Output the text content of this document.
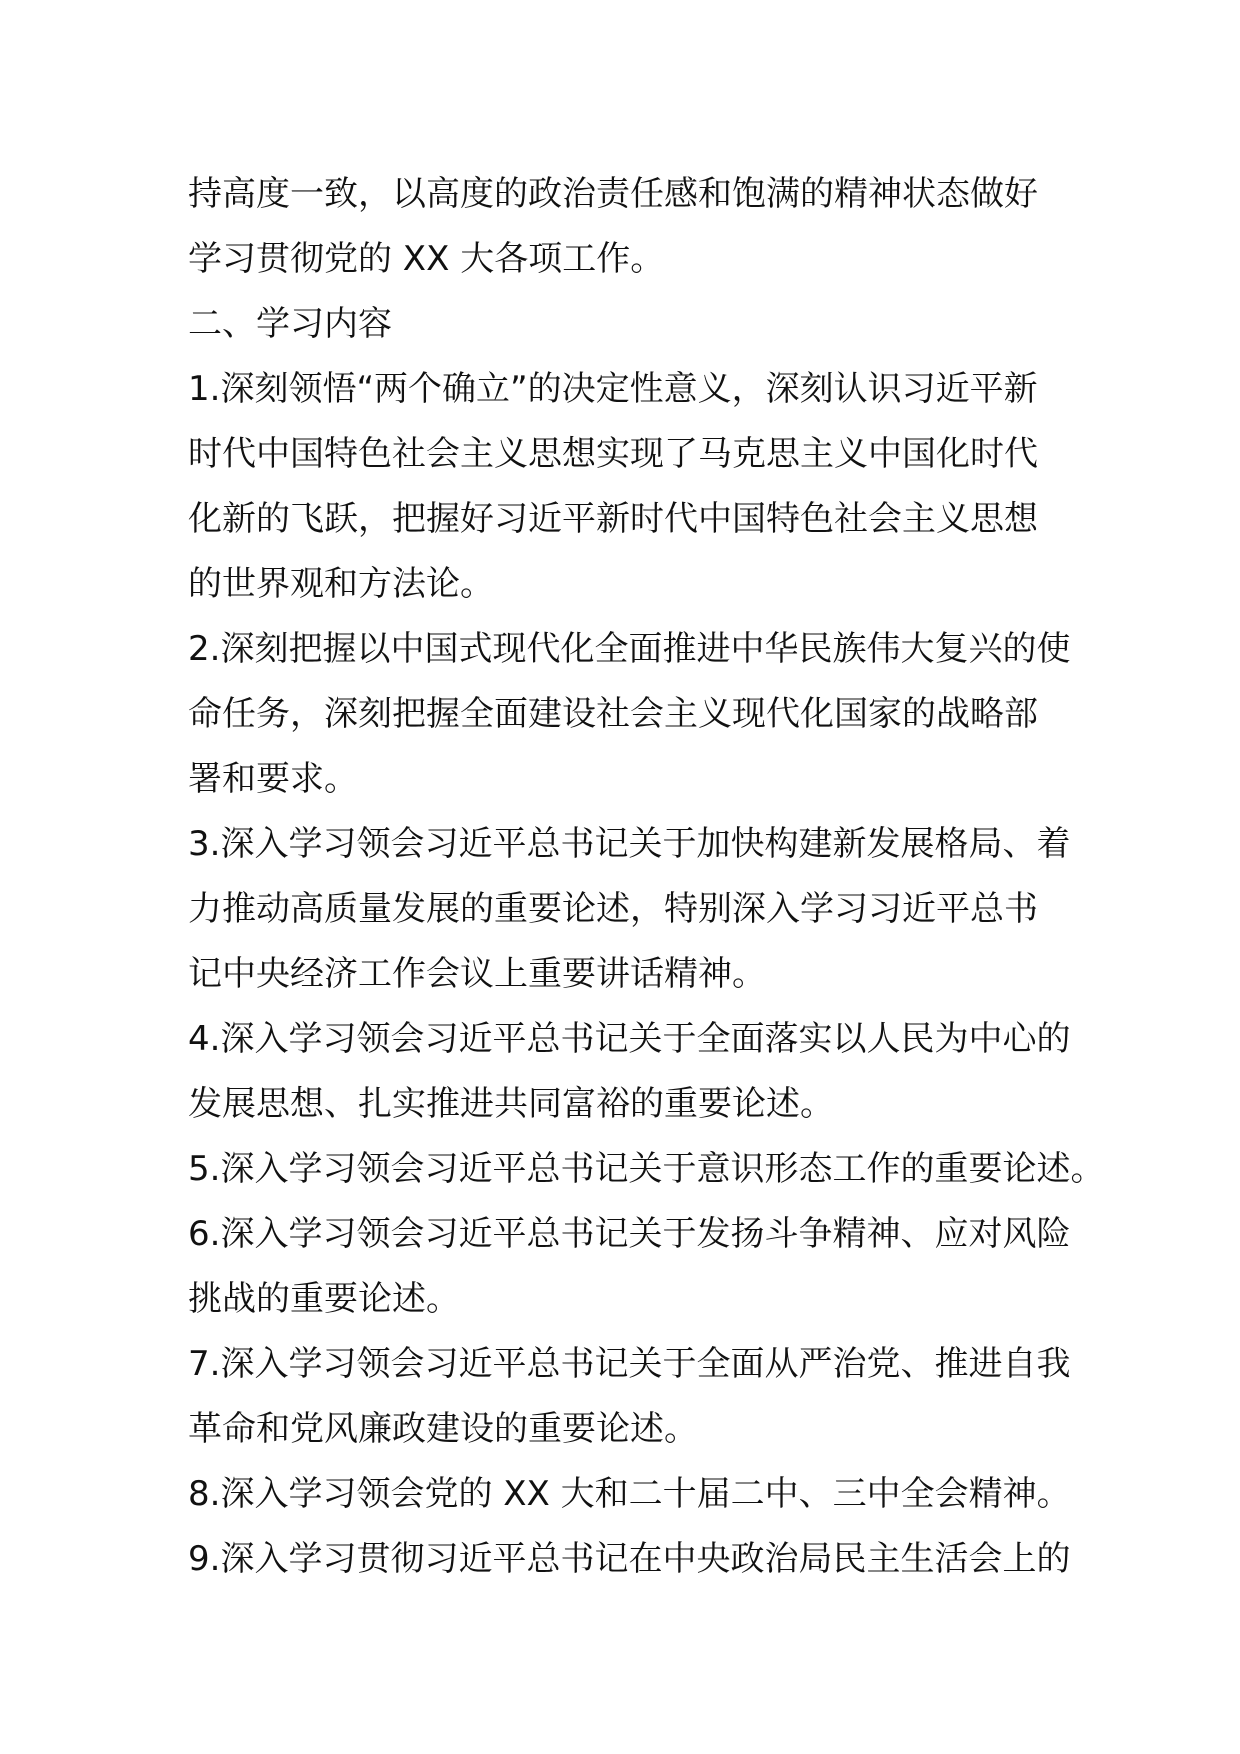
持高度一致，以高度的政治责任感和饱满的精神状态做好
学习贯彻党的 XX 大各项工作。

二、学习内容

1.深刻领悟“两个确立”的决定性意义，深刻认识习近平新
时代中国特色社会主义思想实现了马克思主义中国化时代
化新的飞跃，把握好习近平新时代中国特色社会主义思想
的世界观和方法论。

2.深刻把握以中国式现代化全面推进中华民族伟大复兴的使
命任务，深刻把握全面建设社会主义现代化国家的战略部
署和要求。

3.深入学习领会习近平总书记关于加快构建新发展格局、着
力推动高质量发展的重要论述，特别深入学习习近平总书
记中央经济工作会议上重要讲话精神。

4.深入学习领会习近平总书记关于全面落实以人民为中心的
发展思想、扎实推进共同富裕的重要论述。

5.深入学习领会习近平总书记关于意识形态工作的重要论述。

6.深入学习领会习近平总书记关于发扬斗争精神、应对风险
挑战的重要论述。

7.深入学习领会习近平总书记关于全面从严治党、推进自我
革命和党风廉政建设的重要论述。

8.深入学习领会党的 XX 大和二十届二中、三中全会精神。

9.深入学习贯彻习近平总书记在中央政治局民主生活会上的
